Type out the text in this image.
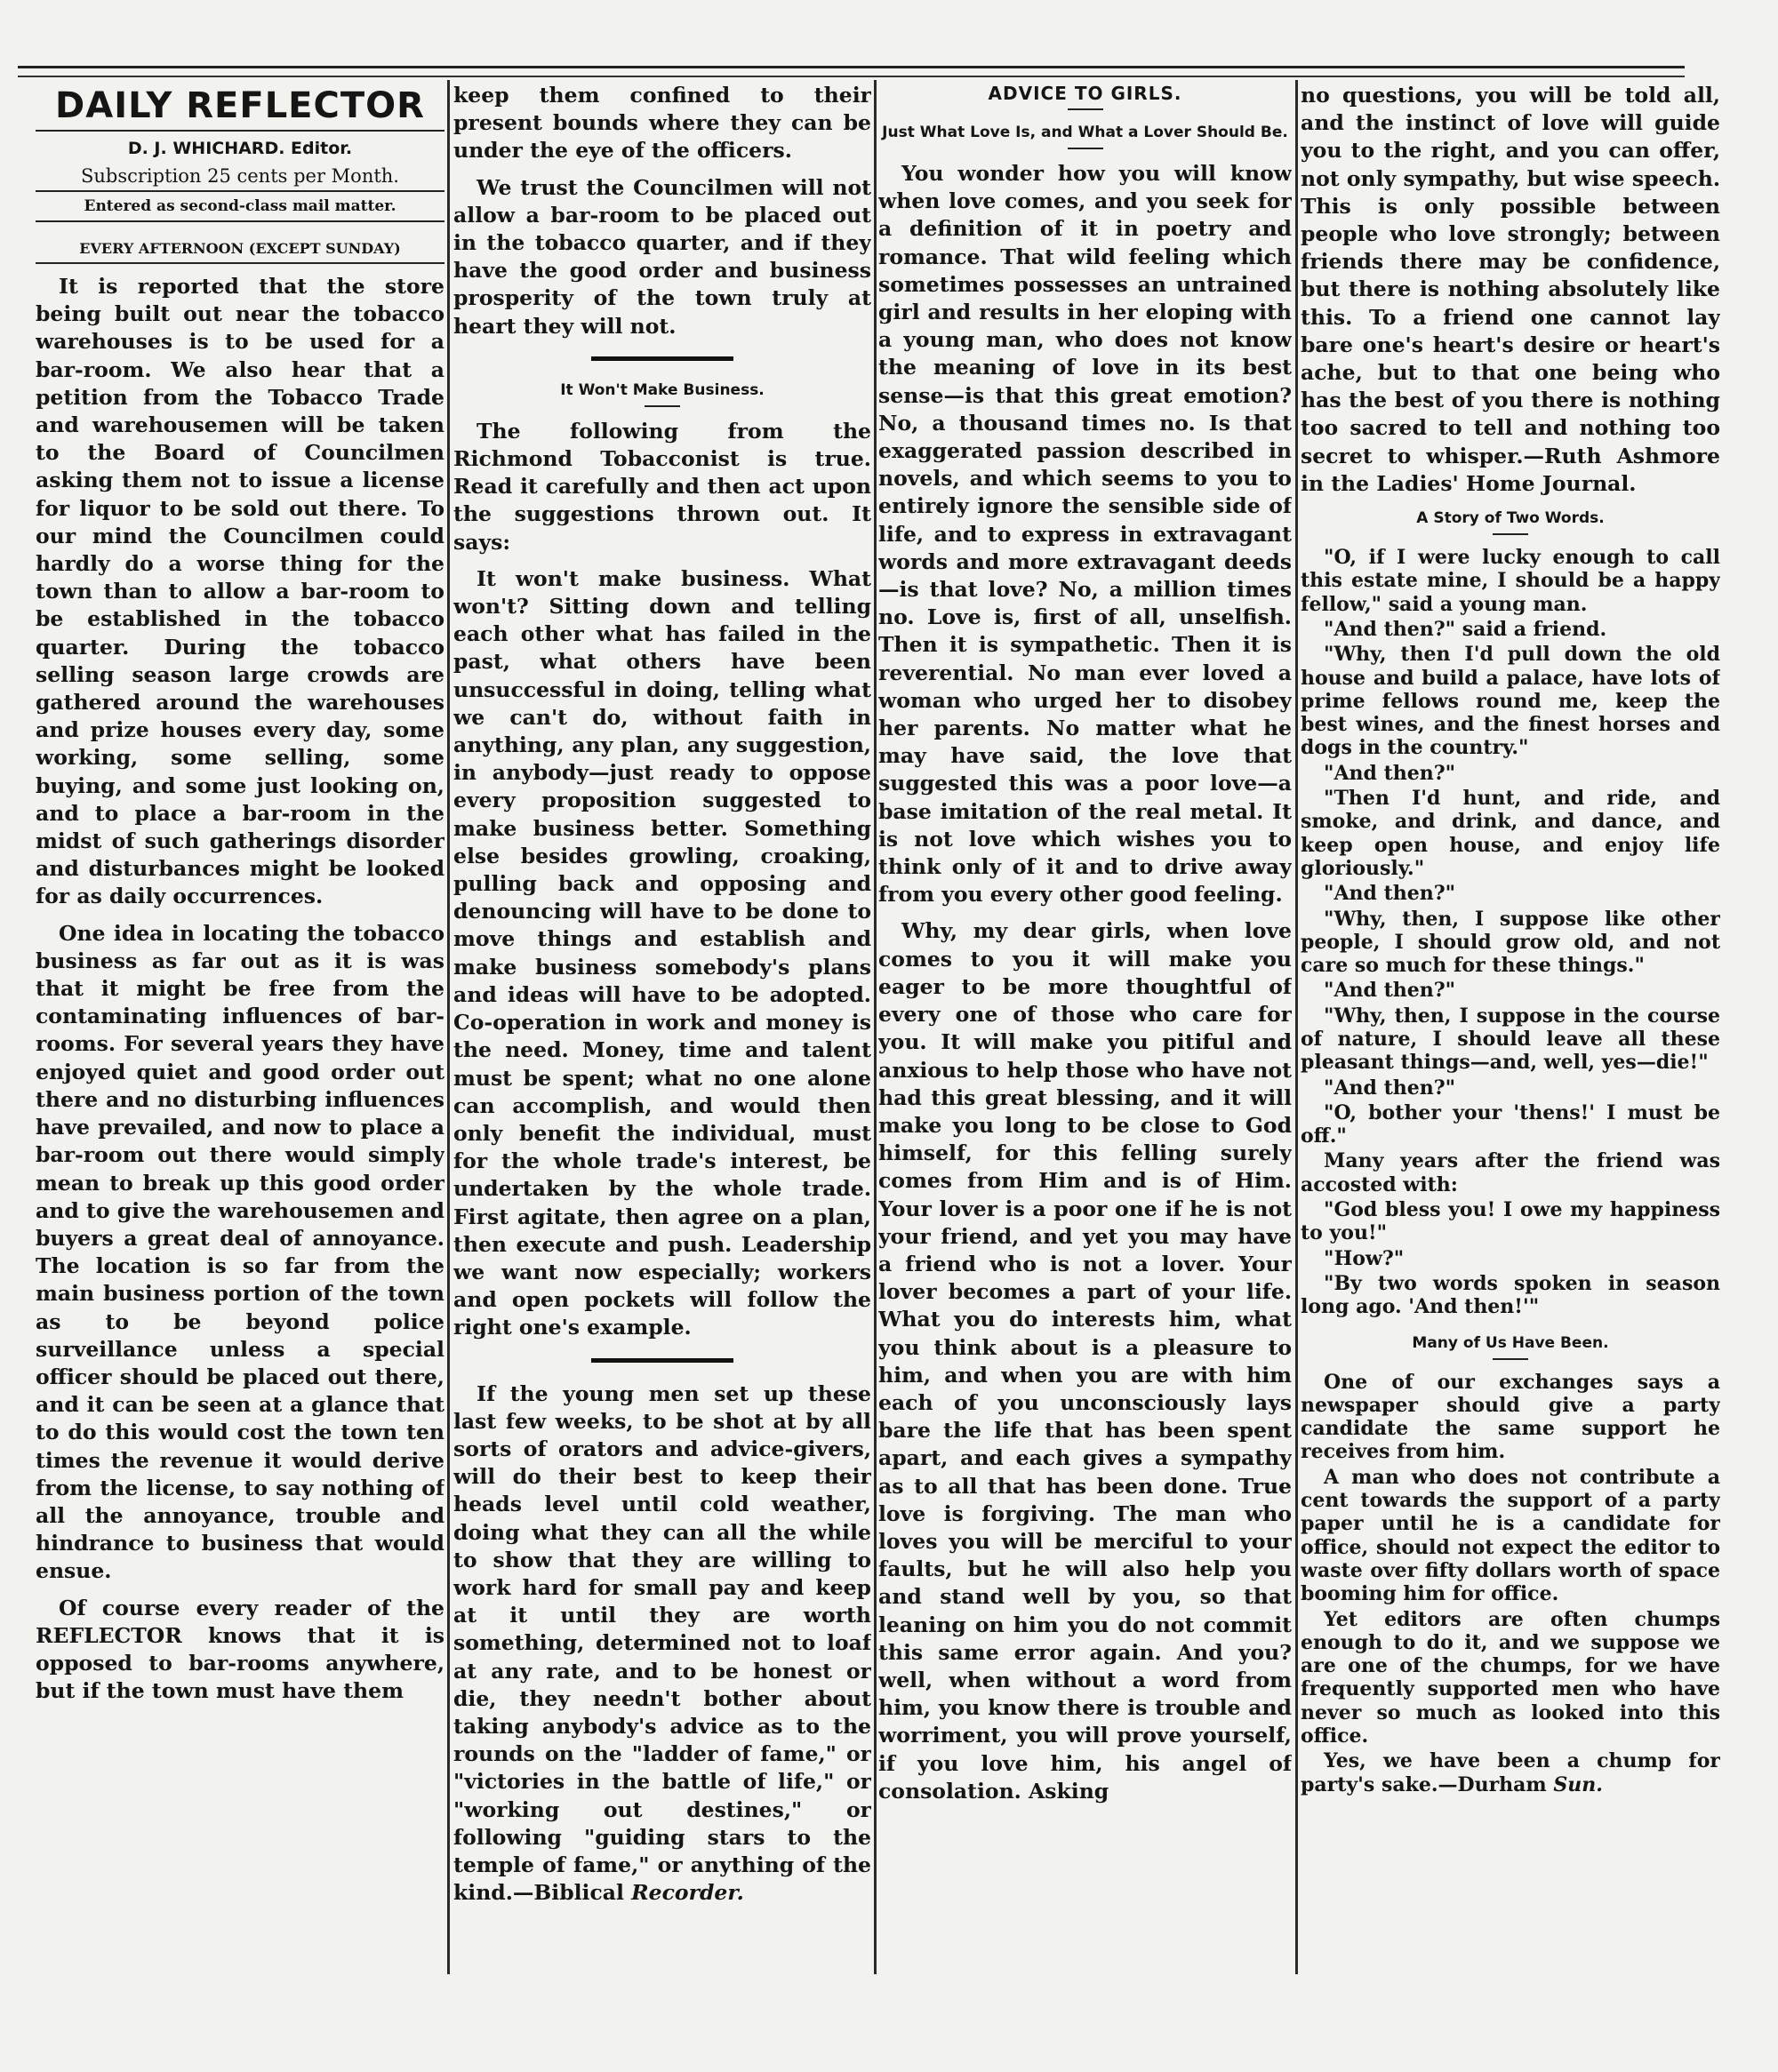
DAILY REFLECTOR
D. J. WHICHARD. Editor.
Subscription 25 cents per Month.
Entered as second-class mail matter.
EVERY AFTERNOON (EXCEPT SUNDAY)

It is reported that the store being built out near the tobacco warehouses is to be used for a bar-room. We also hear that a petition from the Tobacco Trade and warehousemen will be taken to the Board of Councilmen asking them not to issue a license for liquor to be sold out there. To our mind the Councilmen could hardly do a worse thing for the town than to allow a bar-room to be established in the tobacco quarter. During the tobacco selling season large crowds are gathered around the warehouses and prize houses every day, some working, some selling, some buying, and some just looking on, and to place a bar-room in the midst of such gatherings disorder and disturbances might be looked for as daily occurrences.

One idea in locating the tobacco business as far out as it is was that it might be free from the contaminating influences of bar-rooms. For several years they have enjoyed quiet and good order out there and no disturbing influences have prevailed, and now to place a bar-room out there would simply mean to break up this good order and to give the warehousemen and buyers a great deal of annoyance. The location is so far from the main business portion of the town as to be beyond police surveillance unless a special officer should be placed out there, and it can be seen at a glance that to do this would cost the town ten times the revenue it would derive from the license, to say nothing of all the annoyance, trouble and hindrance to business that would ensue.

Of course every reader of the REFLECTOR knows that it is opposed to bar-rooms anywhere, but if the town must have them

keep them confined to their present bounds where they can be under the eye of the officers.

We trust the Councilmen will not allow a bar-room to be placed out in the tobacco quarter, and if they have the good order and business prosperity of the town truly at heart they will not.

It Won't Make Business.

The following from the Richmond Tobacconist is true. Read it carefully and then act upon the suggestions thrown out. It says:

It won't make business. What won't? Sitting down and telling each other what has failed in the past, what others have been unsuccessful in doing, telling what we can't do, without faith in anything, any plan, any suggestion, in anybody—just ready to oppose every proposition suggested to make business better. Something else besides growling, croaking, pulling back and opposing and denouncing will have to be done to move things and establish and make business somebody's plans and ideas will have to be adopted. Co-operation in work and money is the need. Money, time and talent must be spent; what no one alone can accomplish, and would then only benefit the individual, must for the whole trade's interest, be undertaken by the whole trade. First agitate, then agree on a plan, then execute and push. Leadership we want now especially; workers and open pockets will follow the right one's example.

If the young men set up these last few weeks, to be shot at by all sorts of orators and advice-givers, will do their best to keep their heads level until cold weather, doing what they can all the while to show that they are willing to work hard for small pay and keep at it until they are worth something, determined not to loaf at any rate, and to be honest or die, they needn't bother about taking anybody's advice as to the rounds on the "ladder of fame," or "victories in the battle of life," or "working out destines," or following "guiding stars to the temple of fame," or anything of the kind.—Biblical Recorder.

ADVICE TO GIRLS.
Just What Love Is, and What a Lover Should Be.

You wonder how you will know when love comes, and you seek for a definition of it in poetry and romance. That wild feeling which sometimes possesses an untrained girl and results in her eloping with a young man, who does not know the meaning of love in its best sense—is that this great emotion? No, a thousand times no. Is that exaggerated passion described in novels, and which seems to you to entirely ignore the sensible side of life, and to express in extravagant words and more extravagant deeds—is that love? No, a million times no. Love is, first of all, unselfish. Then it is sympathetic. Then it is reverential. No man ever loved a woman who urged her to disobey her parents. No matter what he may have said, the love that suggested this was a poor love—a base imitation of the real metal. It is not love which wishes you to think only of it and to drive away from you every other good feeling.

Why, my dear girls, when love comes to you it will make you eager to be more thoughtful of every one of those who care for you. It will make you pitiful and anxious to help those who have not had this great blessing, and it will make you long to be close to God himself, for this felling surely comes from Him and is of Him. Your lover is a poor one if he is not your friend, and yet you may have a friend who is not a lover. Your lover becomes a part of your life. What you do interests him, what you think about is a pleasure to him, and when you are with him each of you unconsciously lays bare the life that has been spent apart, and each gives a sympathy as to all that has been done. True love is forgiving. The man who loves you will be merciful to your faults, but he will also help you and stand well by you, so that leaning on him you do not commit this same error again. And you? well, when without a word from him, you know there is trouble and worriment, you will prove yourself, if you love him, his angel of consolation. Asking

no questions, you will be told all, and the instinct of love will guide you to the right, and you can offer, not only sympathy, but wise speech. This is only possible between people who love strongly; between friends there may be confidence, but there is nothing absolutely like this. To a friend one cannot lay bare one's heart's desire or heart's ache, but to that one being who has the best of you there is nothing too sacred to tell and nothing too secret to whisper.—Ruth Ashmore in the Ladies' Home Journal.

A Story of Two Words.

"O, if I were lucky enough to call this estate mine, I should be a happy fellow," said a young man.

"And then?" said a friend.

"Why, then I'd pull down the old house and build a palace, have lots of prime fellows round me, keep the best wines, and the finest horses and dogs in the country."

"And then?"

"Then I'd hunt, and ride, and smoke, and drink, and dance, and keep open house, and enjoy life gloriously."

"And then?"

"Why, then, I suppose like other people, I should grow old, and not care so much for these things."

"And then?"

"Why, then, I suppose in the course of nature, I should leave all these pleasant things—and, well, yes—die!"

"And then?"

"O, bother your 'thens!' I must be off."

Many years after the friend was accosted with:

"God bless you! I owe my happiness to you!"

"How?"

"By two words spoken in season long ago. 'And then!'"

Many of Us Have Been.

One of our exchanges says a newspaper should give a party candidate the same support he receives from him.

A man who does not contribute a cent towards the support of a party paper until he is a candidate for office, should not expect the editor to waste over fifty dollars worth of space booming him for office.

Yet editors are often chumps enough to do it, and we suppose we are one of the chumps, for we have frequently supported men who have never so much as looked into this office.

Yes, we have been a chump for party's sake.—Durham Sun.
